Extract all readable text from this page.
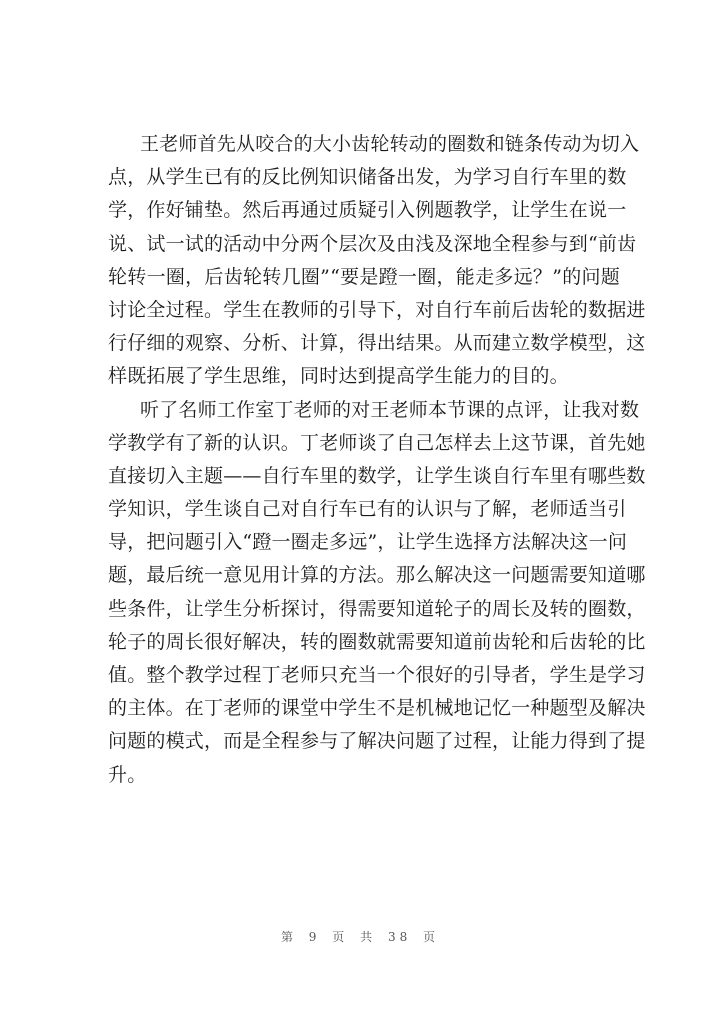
王老师首先从咬合的大小齿轮转动的圈数和链条传动为切入
点，从学生已有的反比例知识储备出发，为学习自行车里的数
学，作好铺垫。然后再通过质疑引入例题教学，让学生在说一
说、试一试的活动中分两个层次及由浅及深地全程参与到“前齿
轮转一圈，后齿轮转几圈”“要是蹬一圈，能走多远？”的问题
讨论全过程。学生在教师的引导下，对自行车前后齿轮的数据进
行仔细的观察、分析、计算，得出结果。从而建立数学模型，这
样既拓展了学生思维，同时达到提高学生能力的目的。
听了名师工作室丁老师的对王老师本节课的点评，让我对数
学教学有了新的认识。丁老师谈了自己怎样去上这节课，首先她
直接切入主题——自行车里的数学，让学生谈自行车里有哪些数
学知识，学生谈自己对自行车已有的认识与了解，老师适当引
导，把问题引入“蹬一圈走多远”，让学生选择方法解决这一问
题，最后统一意见用计算的方法。那么解决这一问题需要知道哪
些条件，让学生分析探讨，得需要知道轮子的周长及转的圈数，
轮子的周长很好解决，转的圈数就需要知道前齿轮和后齿轮的比
值。整个教学过程丁老师只充当一个很好的引导者，学生是学习
的主体。在丁老师的课堂中学生不是机械地记忆一种题型及解决
问题的模式，而是全程参与了解决问题了过程，让能力得到了提
升。
第 9 页 共 38 页
